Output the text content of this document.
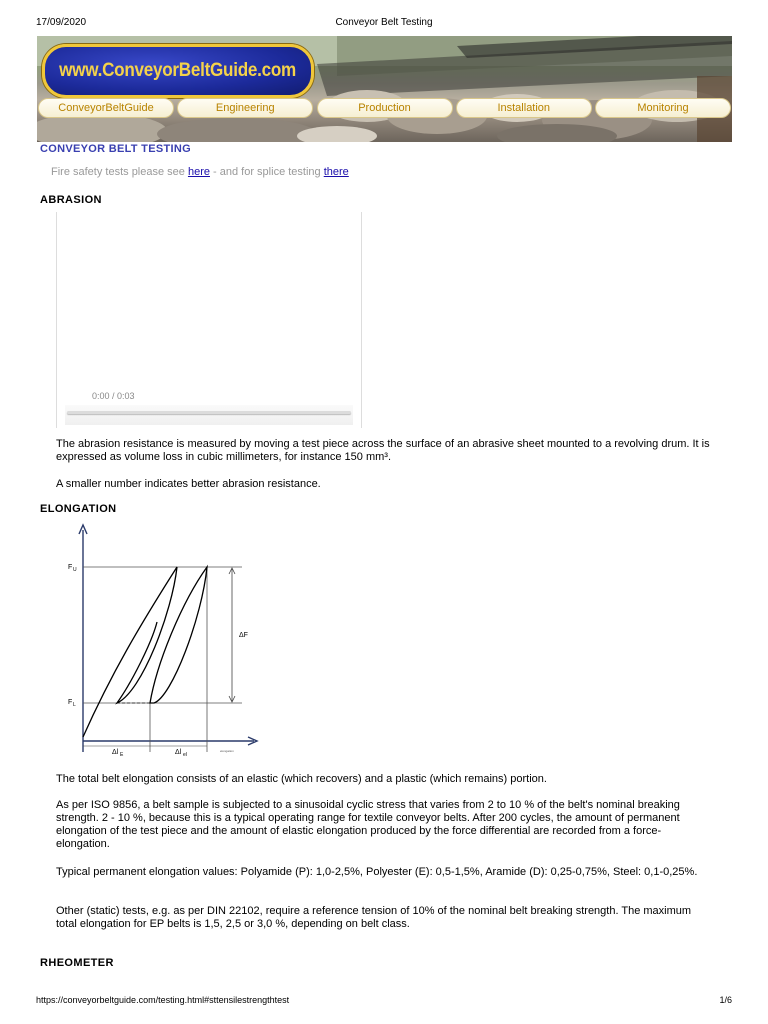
17/09/2020	Conveyor Belt Testing
www.ConveyorBeltGuide.com
ConveyorBeltGuide	Engineering	Production	Installation	Monitoring
CONVEYOR BELT TESTING
Fire safety tests please see here - and for splice testing there
ABRASION
0:00 / 0:03
The abrasion resistance is measured by moving a test piece across the surface of an abrasive sheet mounted to a revolving drum. It is expressed as volume loss in cubic millimeters, for instance 150 mm³.
A smaller number indicates better abrasion resistance.
ELONGATION
F U
F L
ΔF
Δl E	Δl el
elongation
The total belt elongation consists of an elastic (which recovers) and a plastic (which remains) portion.
As per ISO 9856, a belt sample is subjected to a sinusoidal cyclic stress that varies from 2 to 10 % of the belt's nominal breaking strength. 2 - 10 %, because this is a typical operating range for textile conveyor belts. After 200 cycles, the amount of permanent elongation of the test piece and the amount of elastic elongation produced by the force differential are recorded from a force-elongation.
Typical permanent elongation values: Polyamide (P): 1,0-2,5%, Polyester (E): 0,5-1,5%, Aramide (D): 0,25-0,75%, Steel: 0,1-0,25%.
Other (static) tests, e.g. as per DIN 22102, require a reference tension of 10% of the nominal belt breaking strength. The maximum total elongation for EP belts is 1,5, 2,5 or 3,0 %, depending on belt class.
RHEOMETER
https://conveyorbeltguide.com/testing.html#sttensilestrengthtest	1/6
